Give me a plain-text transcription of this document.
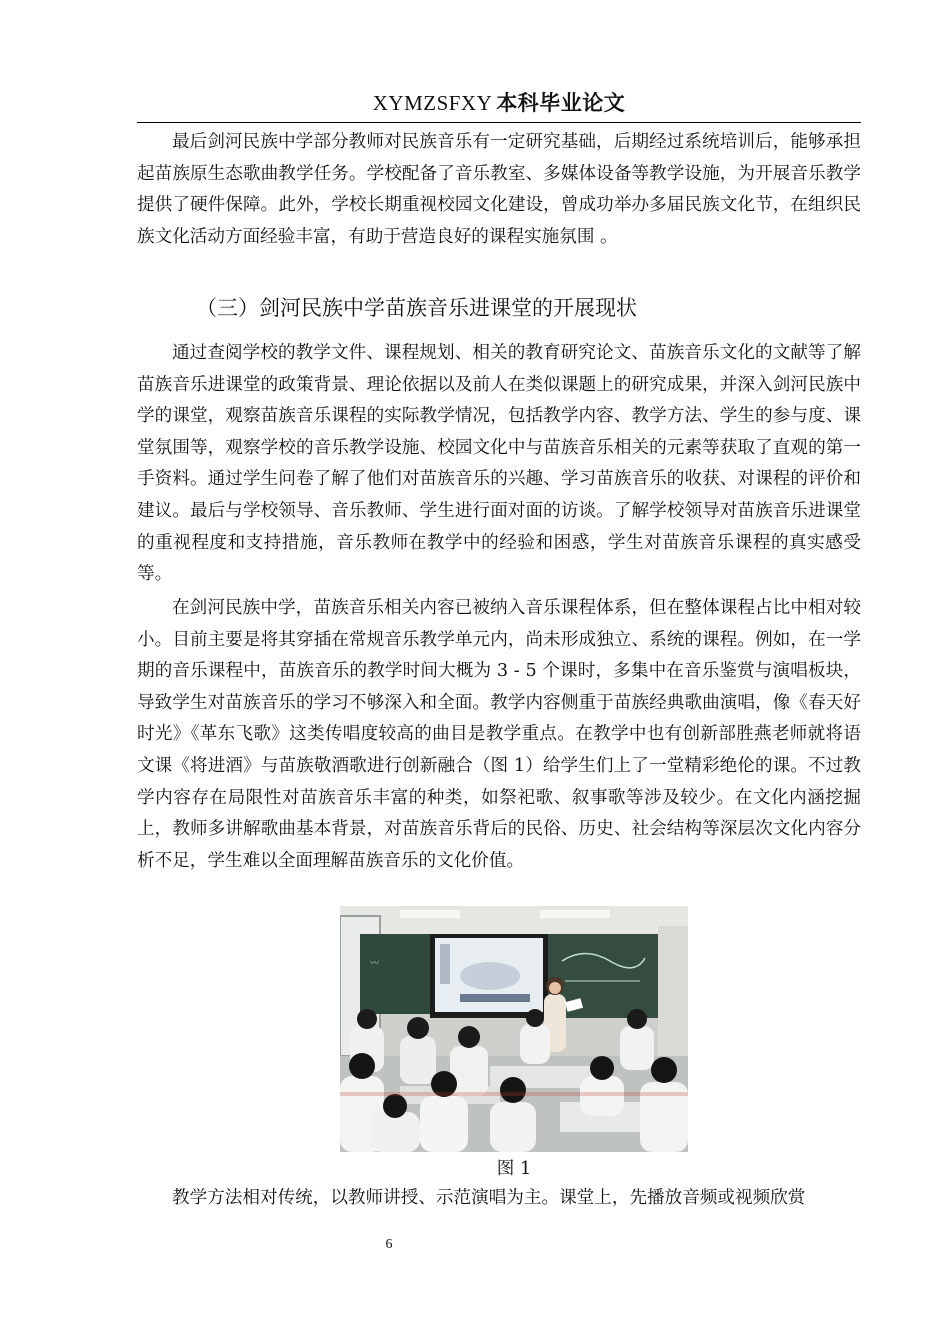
XYMZSFXY 本科毕业论文

最后剑河民族中学部分教师对民族音乐有一定研究基础，后期经过系统培训后，能够承担起苗族原生态歌曲教学任务。学校配备了音乐教室、多媒体设备等教学设施，为开展音乐教学提供了硬件保障。此外，学校长期重视校园文化建设，曾成功举办多届民族文化节，在组织民族文化活动方面经验丰富，有助于营造良好的课程实施氛围 。

（三）剑河民族中学苗族音乐进课堂的开展现状

通过查阅学校的教学文件、课程规划、相关的教育研究论文、苗族音乐文化的文献等了解苗族音乐进课堂的政策背景、理论依据以及前人在类似课题上的研究成果，并深入剑河民族中学的课堂，观察苗族音乐课程的实际教学情况，包括教学内容、教学方法、学生的参与度、课堂氛围等，观察学校的音乐教学设施、校园文化中与苗族音乐相关的元素等获取了直观的第一手资料。通过学生问卷了解了他们对苗族音乐的兴趣、学习苗族音乐的收获、对课程的评价和建议。最后与学校领导、音乐教师、学生进行面对面的访谈。了解学校领导对苗族音乐进课堂的重视程度和支持措施，音乐教师在教学中的经验和困惑，学生对苗族音乐课程的真实感受等。

在剑河民族中学，苗族音乐相关内容已被纳入音乐课程体系，但在整体课程占比中相对较小。目前主要是将其穿插在常规音乐教学单元内，尚未形成独立、系统的课程。例如，在一学期的音乐课程中，苗族音乐的教学时间大概为 3 - 5 个课时，多集中在音乐鉴赏与演唱板块，导致学生对苗族音乐的学习不够深入和全面。教学内容侧重于苗族经典歌曲演唱，像《春天好时光》《革东飞歌》这类传唱度较高的曲目是教学重点。在教学中也有创新部胜燕老师就将语文课《将进酒》与苗族敬酒歌进行创新融合（图 1）给学生们上了一堂精彩绝伦的课。不过教学内容存在局限性对苗族音乐丰富的种类，如祭祀歌、叙事歌等涉及较少。在文化内涵挖掘上，教师多讲解歌曲基本背景，对苗族音乐背后的民俗、历史、社会结构等深层次文化内容分析不足，学生难以全面理解苗族音乐的文化价值。

〰
图 1

教学方法相对传统，以教师讲授、示范演唱为主。课堂上，先播放音频或视频欣赏

6
